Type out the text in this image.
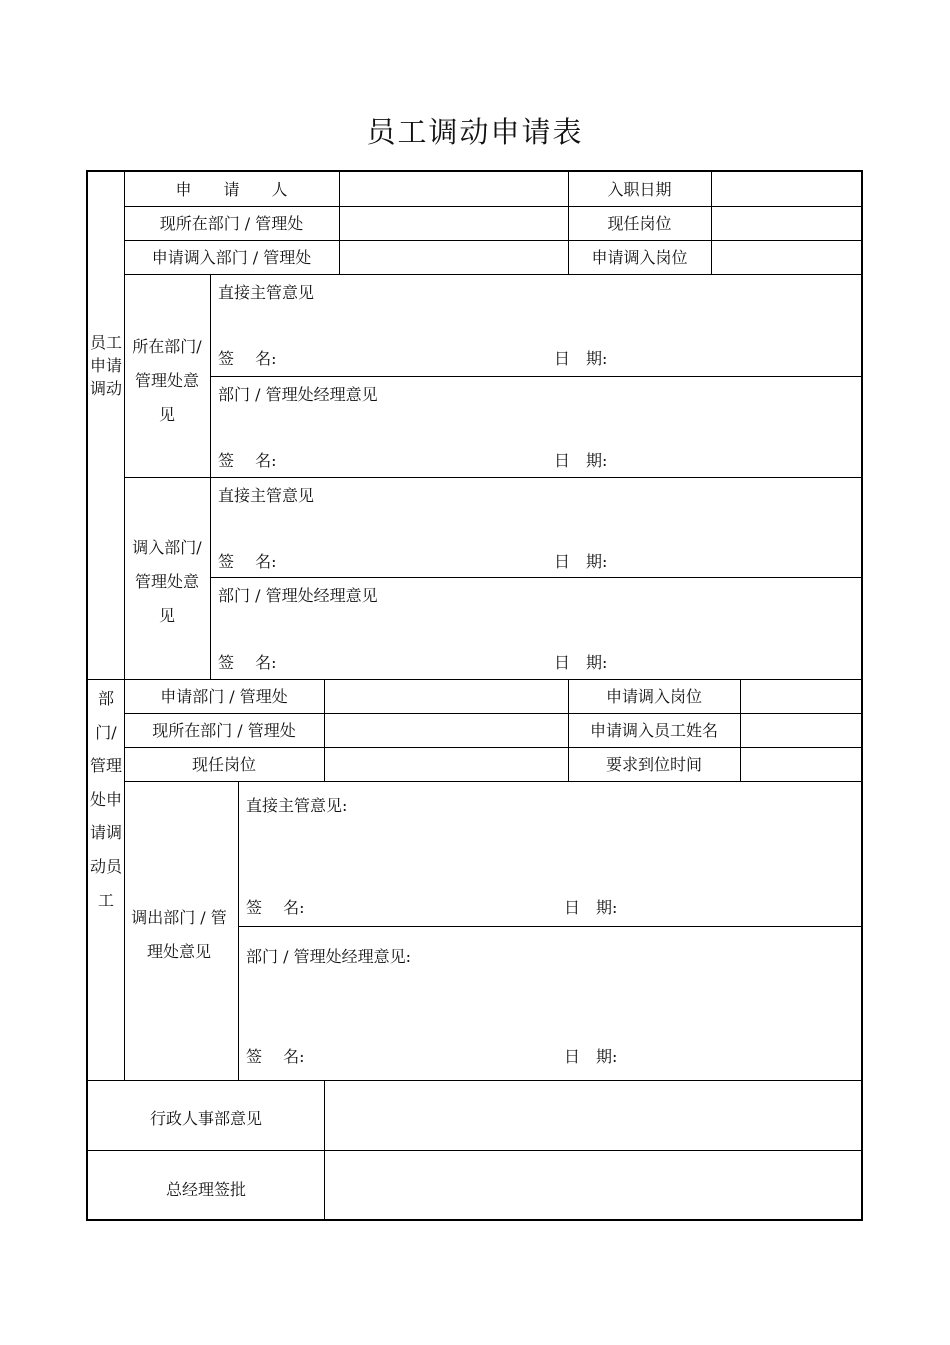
员工调动申请表
员工申请调动
申　　请　　人	入职日期
现所在部门 / 管理处	现任岗位
申请调入部门 / 管理处	申请调入岗位
所在部门/ 管理处意见
直接主管意见
签　 名:	日　期:
部门 / 管理处经理意见
签　 名:	日　期:
调入部门/ 管理处意见
直接主管意见
签　 名:	日　期:
部门 / 管理处经理意见
签　 名:	日　期:
部门/管理处申请调动员工
申请部门 / 管理处	申请调入岗位
现所在部门 / 管理处	申请调入员工姓名
现任岗位	要求到位时间
调出部门 / 管理处意见
直接主管意见:
签　 名:	日　期:
部门 / 管理处经理意见:
签　 名:	日　期:
行政人事部意见
总经理签批
